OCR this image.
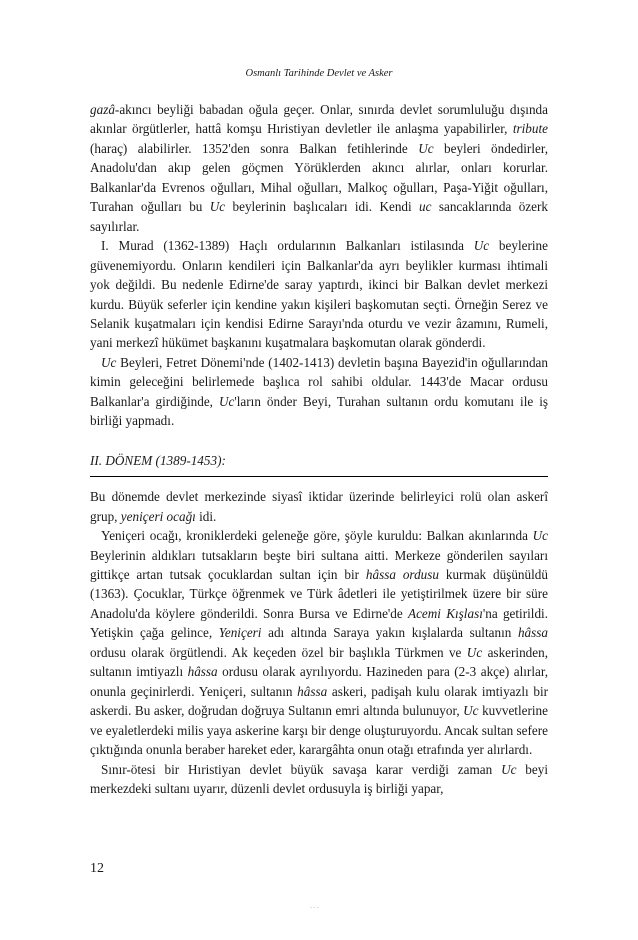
Osmanlı Tarihinde Devlet ve Asker

gazâ-akıncı beyliği babadan oğula geçer. Onlar, sınırda devlet sorumluluğu dışında akınlar örgütlerler, hattâ komşu Hıristiyan devletler ile anlaşma yapabilirler, tribute (haraç) alabilirler. 1352'den sonra Balkan fetihlerinde Uc beyleri öndedirler, Anadolu'dan akıp gelen göçmen Yörüklerden akıncı alırlar, onları korurlar. Balkanlar'da Evrenos oğulları, Mihal oğulları, Malkoç oğulları, Paşa-Yiğit oğulları, Turahan oğulları bu Uc beylerinin başlıcaları idi. Kendi uc sancaklarında özerk sayılırlar.

I. Murad (1362-1389) Haçlı ordularının Balkanları istilasında Uc beylerine güvenemiyordu. Onların kendileri için Balkanlar'da ayrı beylikler kurması ihtimali yok değildi. Bu nedenle Edirne'de saray yaptırdı, ikinci bir Balkan devlet merkezi kurdu. Büyük seferler için kendine yakın kişileri başkomutan seçti. Örneğin Serez ve Selanik kuşatmaları için kendisi Edirne Sarayı'nda oturdu ve vezir âzamını, Rumeli, yani merkezî hükümet başkanını kuşatmalara başkomutan olarak gönderdi.

Uc Beyleri, Fetret Dönemi'nde (1402-1413) devletin başına Bayezid'in oğullarından kimin geleceğini belirlemede başlıca rol sahibi oldular. 1443'de Macar ordusu Balkanlar'a girdiğinde, Uc'ların önder Beyi, Turahan sultanın ordu komutanı ile iş birliği yapmadı.

II. DÖNEM (1389-1453):

Bu dönemde devlet merkezinde siyasî iktidar üzerinde belirleyici rolü olan askerî grup, yeniçeri ocağı idi.

Yeniçeri ocağı, kroniklerdeki geleneğe göre, şöyle kuruldu: Balkan akınlarında Uc Beylerinin aldıkları tutsakların beşte biri sultana aitti. Merkeze gönderilen sayıları gittikçe artan tutsak çocuklardan sultan için bir hâssa ordusu kurmak düşünüldü (1363). Çocuklar, Türkçe öğrenmek ve Türk âdetleri ile yetiştirilmek üzere bir süre Anadolu'da köylere gönderildi. Sonra Bursa ve Edirne'de Acemi Kışlası'na getirildi. Yetişkin çağa gelince, Yeniçeri adı altında Saraya yakın kışlalarda sultanın hâssa ordusu olarak örgütlendi. Ak keçeden özel bir başlıkla Türkmen ve Uc askerinden, sultanın imtiyazlı hâssa ordusu olarak ayrılıyordu. Hazineden para (2-3 akçe) alırlar, onunla geçinirlerdi. Yeniçeri, sultanın hâssa askeri, padişah kulu olarak imtiyazlı bir askerdi. Bu asker, doğrudan doğruya Sultanın emri altında bulunuyor, Uc kuvvetlerine ve eyaletlerdeki milis yaya askerine karşı bir denge oluşturuyordu. Ancak sultan sefere çıktığında onunla beraber hareket eder, karargâhta onun otağı etrafında yer alırlardı.

Sınır-ötesi bir Hıristiyan devlet büyük savaşa karar verdiği zaman Uc beyi merkezdeki sultanı uyarır, düzenli devlet ordusuyla iş birliği yapar,

12
- - -
